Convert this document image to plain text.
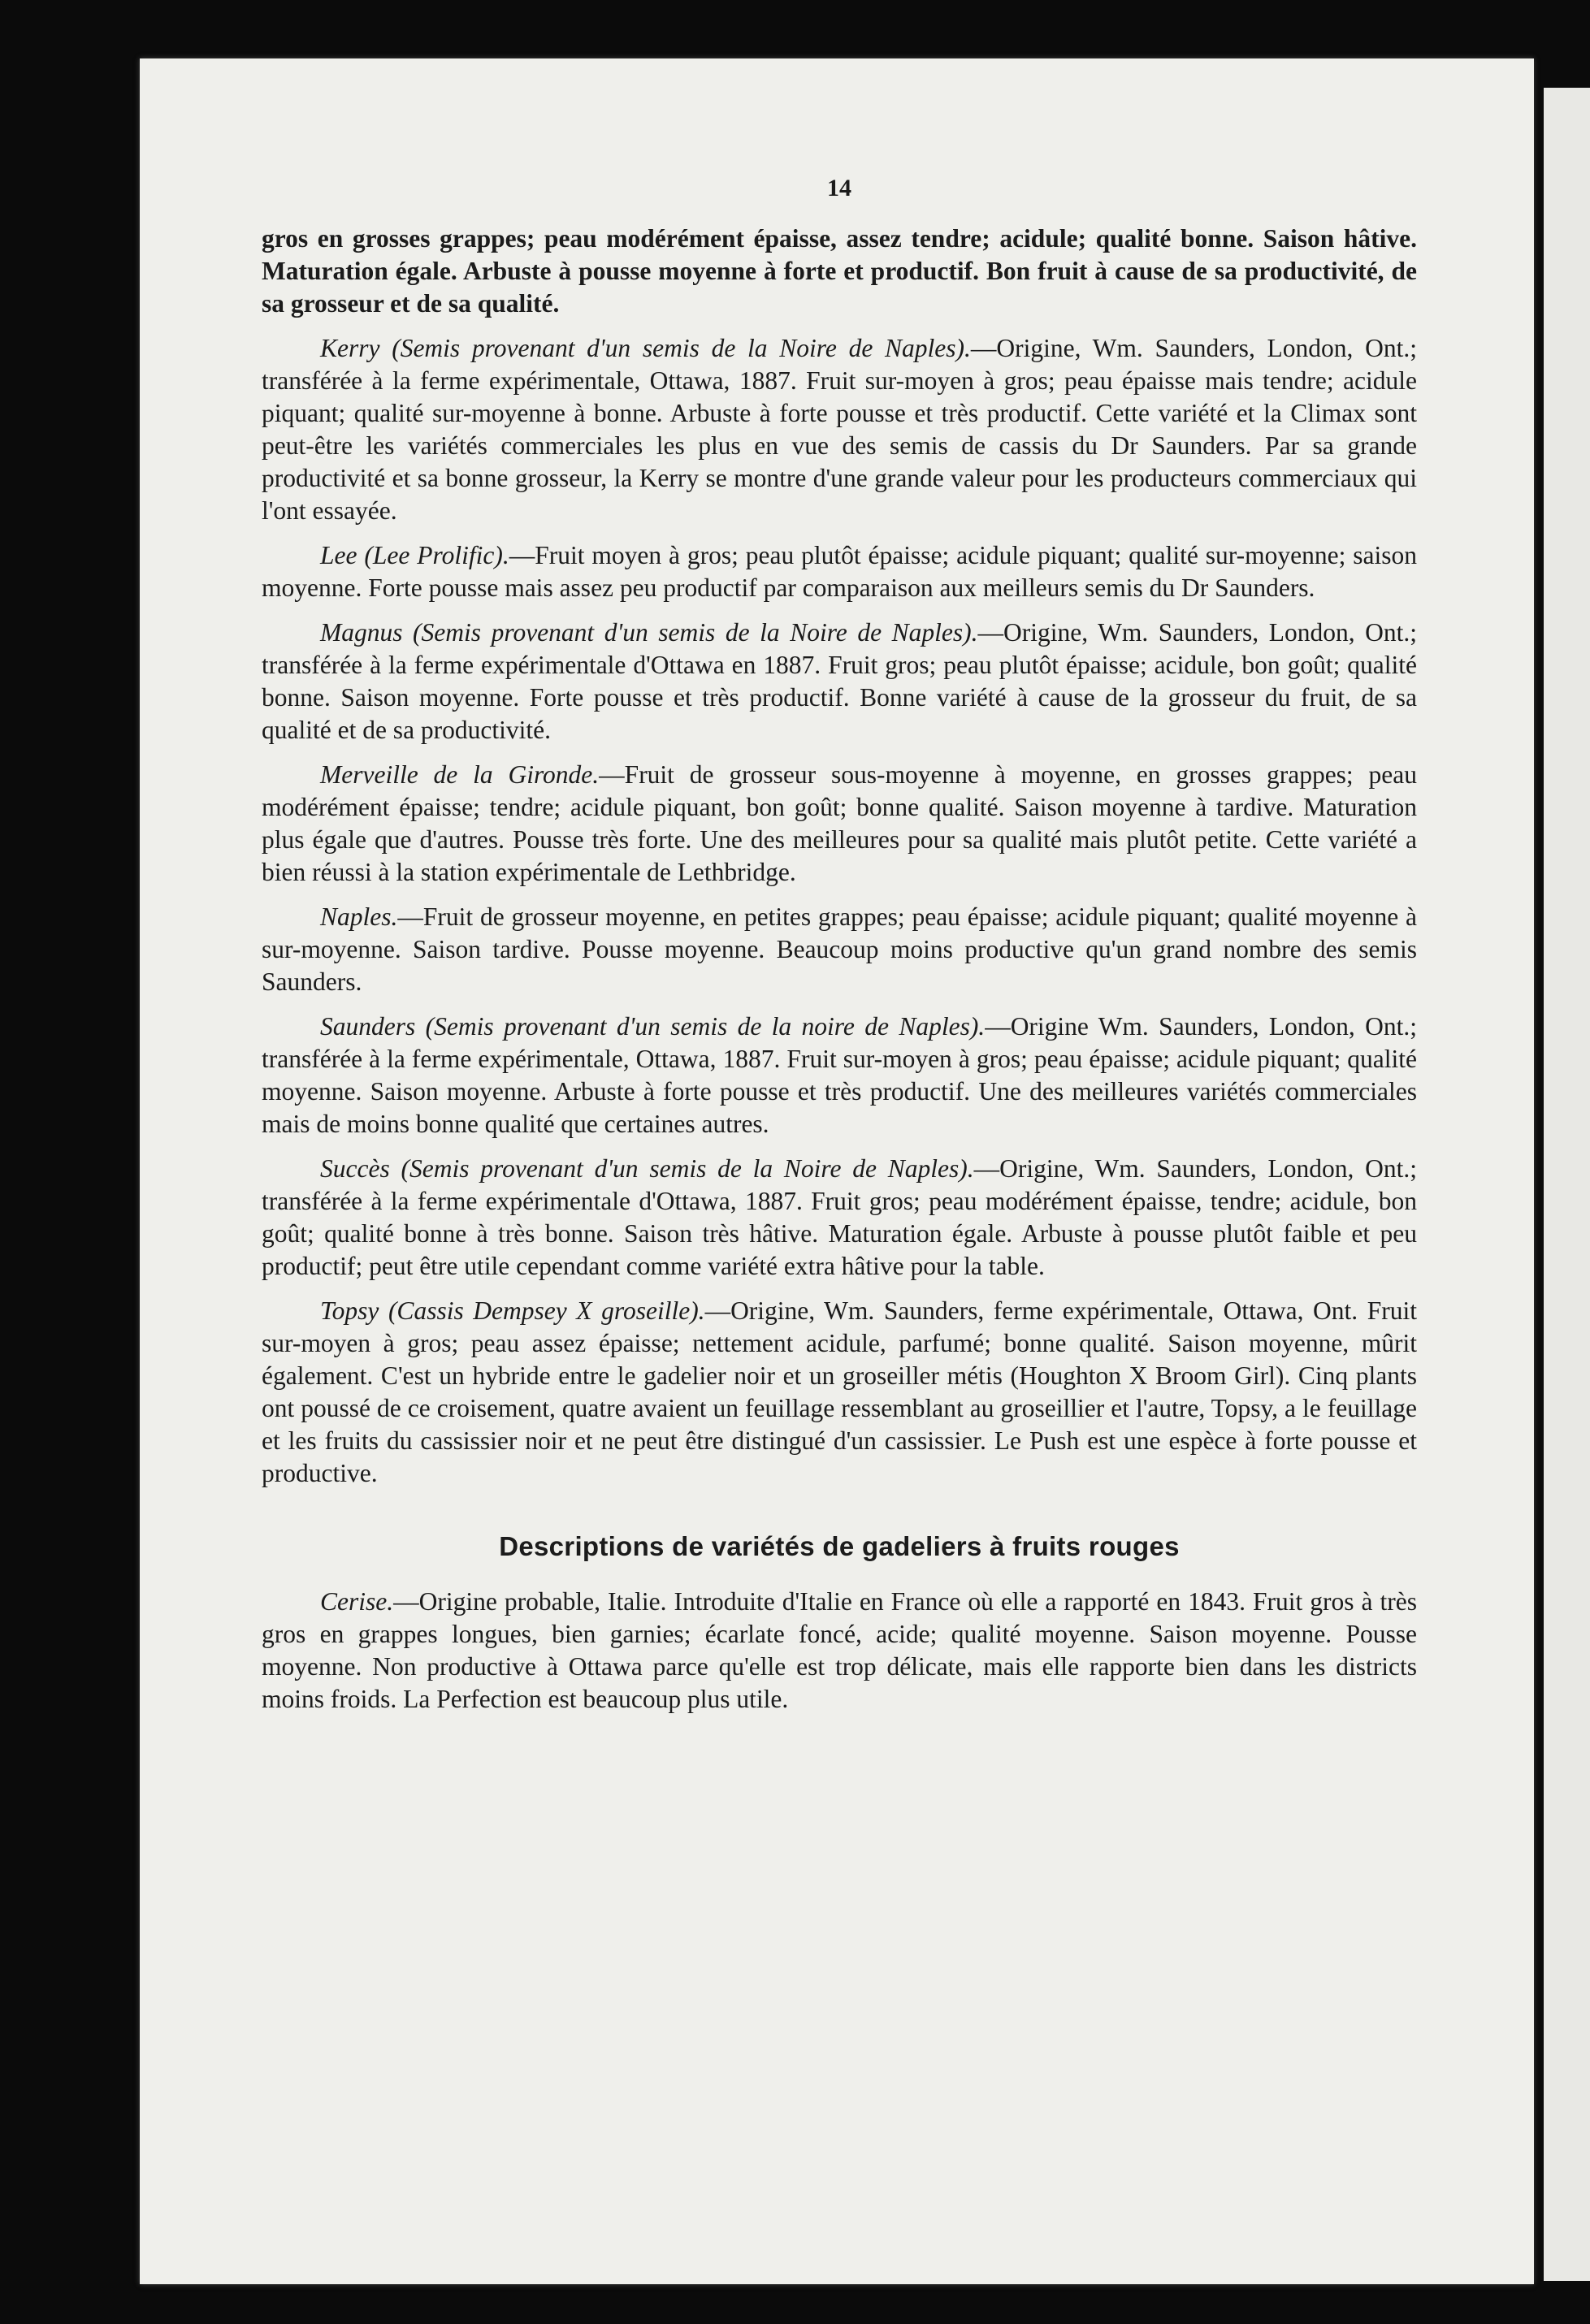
14

gros en grosses grappes; peau modérément épaisse, assez tendre; acidule; qualité bonne. Saison hâtive. Maturation égale. Arbuste à pousse moyenne à forte et productif. Bon fruit à cause de sa productivité, de sa grosseur et de sa qualité.

Kerry (Semis provenant d'un semis de la Noire de Naples).—Origine, Wm. Saunders, London, Ont.; transférée à la ferme expérimentale, Ottawa, 1887. Fruit sur-moyen à gros; peau épaisse mais tendre; acidule piquant; qualité sur-moyenne à bonne. Arbuste à forte pousse et très productif. Cette variété et la Climax sont peut-être les variétés commerciales les plus en vue des semis de cassis du Dr Saunders. Par sa grande productivité et sa bonne grosseur, la Kerry se montre d'une grande valeur pour les producteurs commerciaux qui l'ont essayée.

Lee (Lee Prolific).—Fruit moyen à gros; peau plutôt épaisse; acidule piquant; qualité sur-moyenne; saison moyenne. Forte pousse mais assez peu productif par comparaison aux meilleurs semis du Dr Saunders.

Magnus (Semis provenant d'un semis de la Noire de Naples).—Origine, Wm. Saunders, London, Ont.; transférée à la ferme expérimentale d'Ottawa en 1887. Fruit gros; peau plutôt épaisse; acidule, bon goût; qualité bonne. Saison moyenne. Forte pousse et très productif. Bonne variété à cause de la grosseur du fruit, de sa qualité et de sa productivité.

Merveille de la Gironde.—Fruit de grosseur sous-moyenne à moyenne, en grosses grappes; peau modérément épaisse; tendre; acidule piquant, bon goût; bonne qualité. Saison moyenne à tardive. Maturation plus égale que d'autres. Pousse très forte. Une des meilleures pour sa qualité mais plutôt petite. Cette variété a bien réussi à la station expérimentale de Lethbridge.

Naples.—Fruit de grosseur moyenne, en petites grappes; peau épaisse; acidule piquant; qualité moyenne à sur-moyenne. Saison tardive. Pousse moyenne. Beaucoup moins productive qu'un grand nombre des semis Saunders.

Saunders (Semis provenant d'un semis de la noire de Naples).—Origine Wm. Saunders, London, Ont.; transférée à la ferme expérimentale, Ottawa, 1887. Fruit sur-moyen à gros; peau épaisse; acidule piquant; qualité moyenne. Saison moyenne. Arbuste à forte pousse et très productif. Une des meilleures variétés commerciales mais de moins bonne qualité que certaines autres.

Succès (Semis provenant d'un semis de la Noire de Naples).—Origine, Wm. Saunders, London, Ont.; transférée à la ferme expérimentale d'Ottawa, 1887. Fruit gros; peau modérément épaisse, tendre; acidule, bon goût; qualité bonne à très bonne. Saison très hâtive. Maturation égale. Arbuste à pousse plutôt faible et peu productif; peut être utile cependant comme variété extra hâtive pour la table.

Topsy (Cassis Dempsey X groseille).—Origine, Wm. Saunders, ferme expérimentale, Ottawa, Ont. Fruit sur-moyen à gros; peau assez épaisse; nettement acidule, parfumé; bonne qualité. Saison moyenne, mûrit également. C'est un hybride entre le gadelier noir et un groseiller métis (Houghton X Broom Girl). Cinq plants ont poussé de ce croisement, quatre avaient un feuillage ressemblant au groseillier et l'autre, Topsy, a le feuillage et les fruits du cassissier noir et ne peut être distingué d'un cassissier. Le Push est une espèce à forte pousse et productive.

Descriptions de variétés de gadeliers à fruits rouges

Cerise.—Origine probable, Italie. Introduite d'Italie en France où elle a rapporté en 1843. Fruit gros à très gros en grappes longues, bien garnies; écarlate foncé, acide; qualité moyenne. Saison moyenne. Pousse moyenne. Non productive à Ottawa parce qu'elle est trop délicate, mais elle rapporte bien dans les districts moins froids. La Perfection est beaucoup plus utile.
